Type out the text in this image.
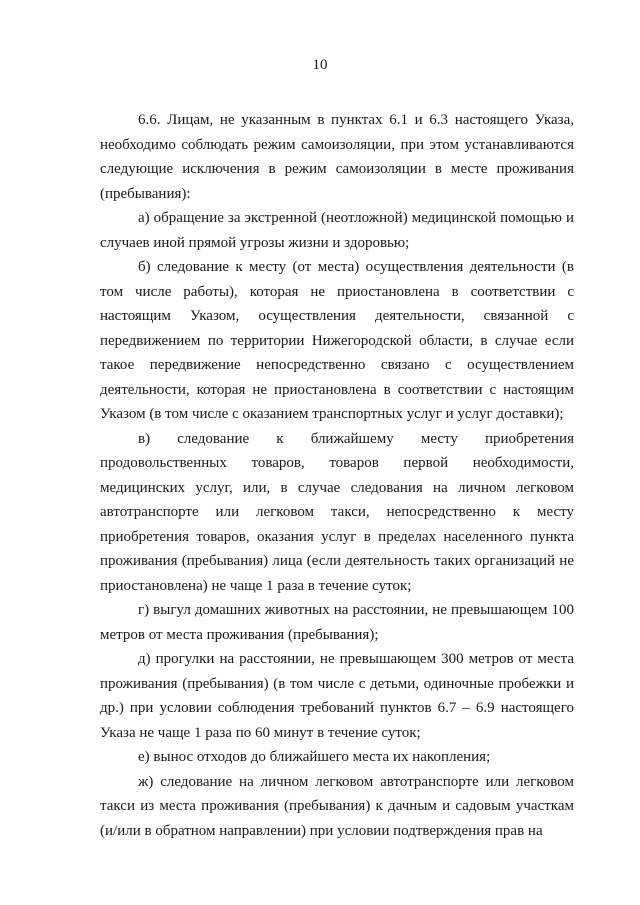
10

6.6. Лицам, не указанным в пунктах 6.1 и 6.3 настоящего Указа, необходимо соблюдать режим самоизоляции, при этом устанавливаются следующие исключения в режим самоизоляции в месте проживания (пребывания):

а) обращение за экстренной (неотложной) медицинской помощью и случаев иной прямой угрозы жизни и здоровью;

б) следование к месту (от места) осуществления деятельности (в том числе работы), которая не приостановлена в соответствии с настоящим Указом, осуществления деятельности, связанной с передвижением по территории Нижегородской области, в случае если такое передвижение непосредственно связано с осуществлением деятельности, которая не приостановлена в соответствии с настоящим Указом (в том числе с оказанием транспортных услуг и услуг доставки);

в) следование к ближайшему месту приобретения продовольственных товаров, товаров первой необходимости, медицинских услуг, или, в случае следования на личном легковом автотранспорте или легковом такси, непосредственно к месту приобретения товаров, оказания услуг в пределах населенного пункта проживания (пребывания) лица (если деятельность таких организаций не приостановлена) не чаще 1 раза в течение суток;

г) выгул домашних животных на расстоянии, не превышающем 100 метров от места проживания (пребывания);

д) прогулки на расстоянии, не превышающем 300 метров от места проживания (пребывания) (в том числе с детьми, одиночные пробежки и др.) при условии соблюдения требований пунктов 6.7 – 6.9 настоящего Указа не чаще 1 раза по 60 минут в течение суток;

е) вынос отходов до ближайшего места их накопления;

ж) следование на личном легковом автотранспорте или легковом такси из места проживания (пребывания) к дачным и садовым участкам (и/или в обратном направлении) при условии подтверждения прав на
